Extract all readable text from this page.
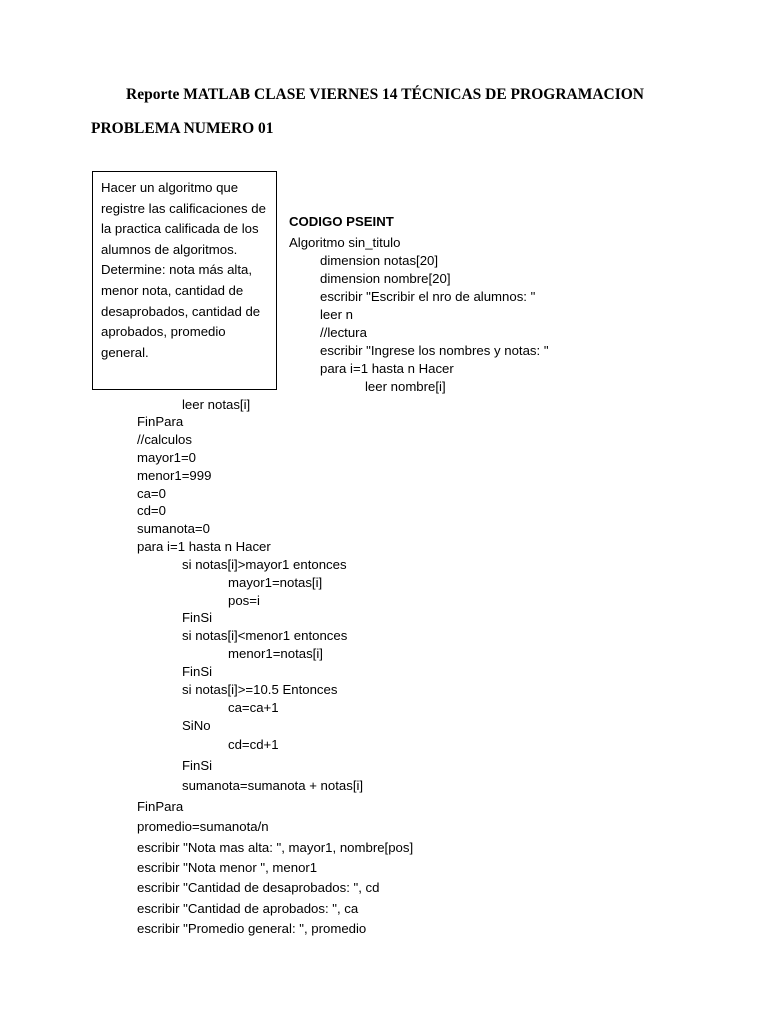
Reporte MATLAB CLASE VIERNES 14 TÉCNICAS DE PROGRAMACION
PROBLEMA NUMERO 01
Hacer un algoritmo que registre las calificaciones de la practica calificada de los alumnos de algoritmos. Determine: nota más alta, menor nota, cantidad de desaprobados, cantidad de aprobados, promedio general.
CODIGO PSEINT
Algoritmo sin_titulo
dimension notas[20]
dimension nombre[20]
escribir "Escribir el nro de alumnos: "
leer n
//lectura
escribir "Ingrese los nombres y notas: "
para i=1 hasta n Hacer
leer nombre[i]
leer notas[i]
FinPara
//calculos
mayor1=0
menor1=999
ca=0
cd=0
sumanota=0
para i=1 hasta n Hacer
si notas[i]>mayor1 entonces
mayor1=notas[i]
pos=i
FinSi
si notas[i]<menor1 entonces
menor1=notas[i]
FinSi
si notas[i]>=10.5 Entonces
ca=ca+1
SiNo
cd=cd+1
FinSi
sumanota=sumanota + notas[i]
FinPara
promedio=sumanota/n
escribir "Nota mas alta: ", mayor1, nombre[pos]
escribir "Nota menor ", menor1
escribir "Cantidad de desaprobados: ", cd
escribir "Cantidad de aprobados: ", ca
escribir "Promedio general: ", promedio
